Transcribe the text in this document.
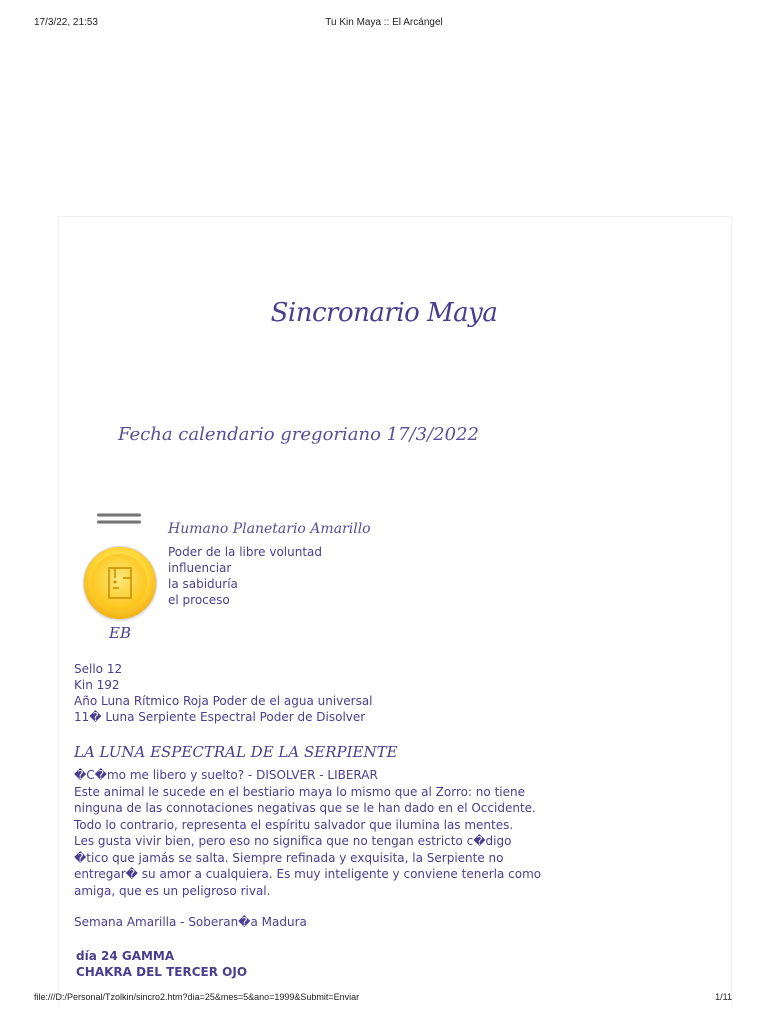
17/3/22, 21:53	Tu Kin Maya :: El Arcángel
Sincronario Maya
Fecha calendario gregoriano 17/3/2022
EB
Humano Planetario Amarillo
Poder de la libre voluntad
influenciar
la sabiduría
el proceso
Sello 12
Kin 192
Año Luna Rítmico Roja Poder de el agua universal
11� Luna Serpiente Espectral Poder de Disolver
LA LUNA ESPECTRAL DE LA SERPIENTE
�C�mo me libero y suelto? - DISOLVER - LIBERAR
Este animal le sucede en el bestiario maya lo mismo que al Zorro: no tiene
ninguna de las connotaciones negativas que se le han dado en el Occidente.
Todo lo contrario, representa el espíritu salvador que ilumina las mentes.
Les gusta vivir bien, pero eso no significa que no tengan estricto c�digo
�tico que jamás se salta. Siempre refinada y exquisita, la Serpiente no
entregar� su amor a cualquiera. Es muy inteligente y conviene tenerla como
amiga, que es un peligroso rival.
Semana Amarilla - Soberan�a Madura
día 24 GAMMA
CHAKRA DEL TERCER OJO
file:///D:/Personal/Tzolkin/sincro2.htm?dia=25&mes=5&ano=1999&Submit=Enviar	1/11
